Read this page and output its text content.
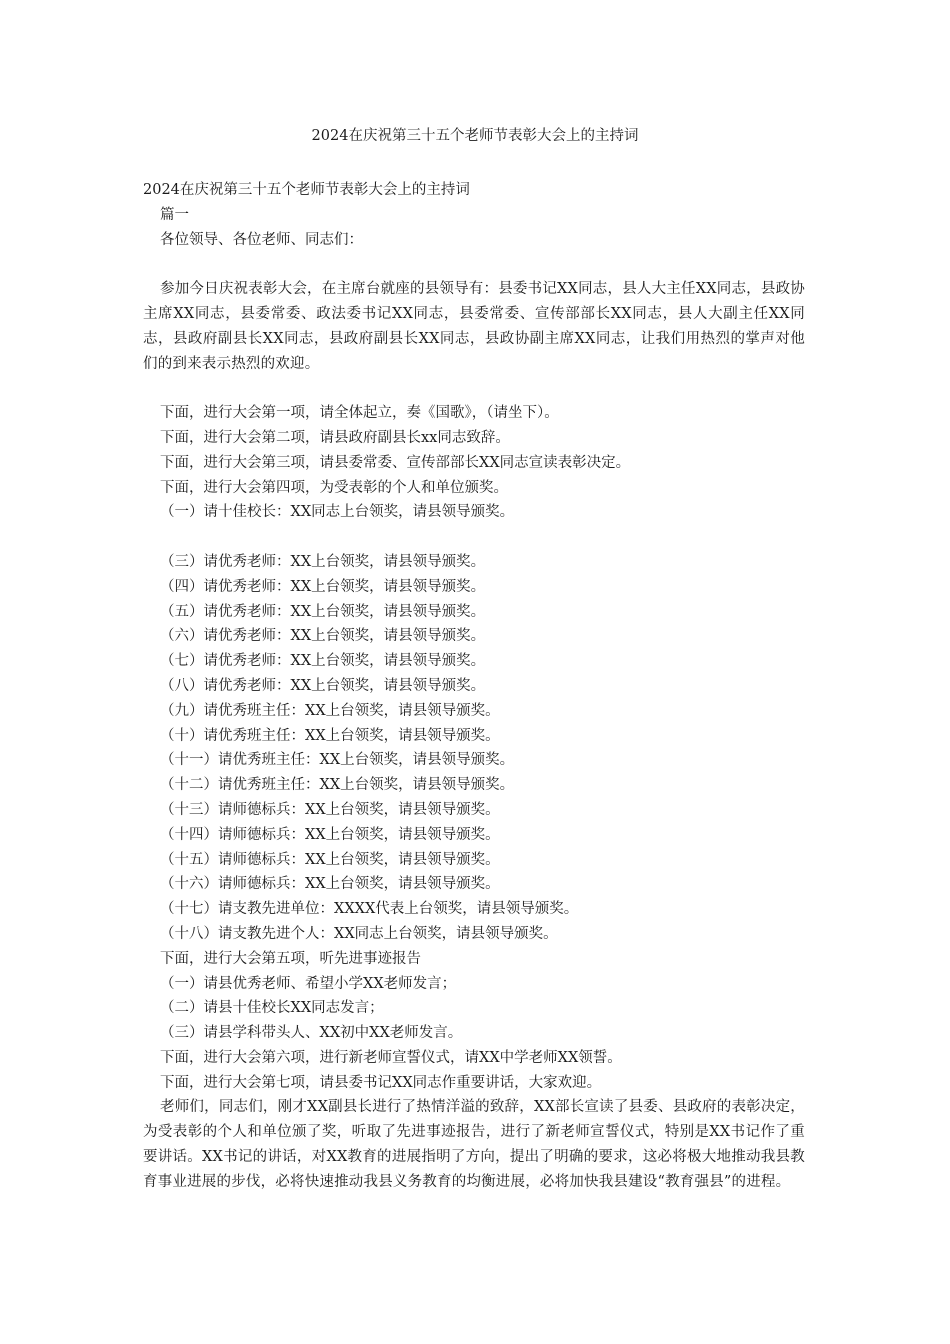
2024在庆祝第三十五个老师节表彰大会上的主持词

2024在庆祝第三十五个老师节表彰大会上的主持词

篇一

各位领导、各位老师、同志们：

参加今日庆祝表彰大会，在主席台就座的县领导有：县委书记XX同志，县人大主任XX同志，县政协主席XX同志，县委常委、政法委书记XX同志，县委常委、宣传部部长XX同志，县人大副主任XX同志，县政府副县长XX同志，县政府副县长XX同志，县政协副主席XX同志，让我们用热烈的掌声对他们的到来表示热烈的欢迎。

下面，进行大会第一项，请全体起立，奏《国歌》，（请坐下）。

下面，进行大会第二项，请县政府副县长xx同志致辞。

下面，进行大会第三项，请县委常委、宣传部部长XX同志宣读表彰决定。

下面，进行大会第四项，为受表彰的个人和单位颁奖。

（一）请十佳校长：XX同志上台领奖，请县领导颁奖。

（三）请优秀老师：XX上台领奖，请县领导颁奖。

（四）请优秀老师：XX上台领奖，请县领导颁奖。

（五）请优秀老师：XX上台领奖，请县领导颁奖。

（六）请优秀老师：XX上台领奖，请县领导颁奖。

（七）请优秀老师：XX上台领奖，请县领导颁奖。

（八）请优秀老师：XX上台领奖，请县领导颁奖。

（九）请优秀班主任：XX上台领奖，请县领导颁奖。

（十）请优秀班主任：XX上台领奖，请县领导颁奖。

（十一）请优秀班主任：XX上台领奖，请县领导颁奖。

（十二）请优秀班主任：XX上台领奖，请县领导颁奖。

（十三）请师德标兵：XX上台领奖，请县领导颁奖。

（十四）请师德标兵：XX上台领奖，请县领导颁奖。

（十五）请师德标兵：XX上台领奖，请县领导颁奖。

（十六）请师德标兵：XX上台领奖，请县领导颁奖。

（十七）请支教先进单位：XXXX代表上台领奖，请县领导颁奖。

（十八）请支教先进个人：XX同志上台领奖，请县领导颁奖。

下面，进行大会第五项，听先进事迹报告

（一）请县优秀老师、希望小学XX老师发言；

（二）请县十佳校长XX同志发言；

（三）请县学科带头人、XX初中XX老师发言。

下面，进行大会第六项，进行新老师宣誓仪式，请XX中学老师XX领誓。

下面，进行大会第七项，请县委书记XX同志作重要讲话，大家欢迎。

老师们，同志们，刚才XX副县长进行了热情洋溢的致辞，XX部长宣读了县委、县政府的表彰决定，为受表彰的个人和单位颁了奖，听取了先进事迹报告，进行了新老师宣誓仪式，特别是XX书记作了重要讲话。XX书记的讲话，对XX教育的进展指明了方向，提出了明确的要求，这必将极大地推动我县教育事业进展的步伐，必将快速推动我县义务教育的均衡进展，必将加快我县建设“教育强县”的进程。
